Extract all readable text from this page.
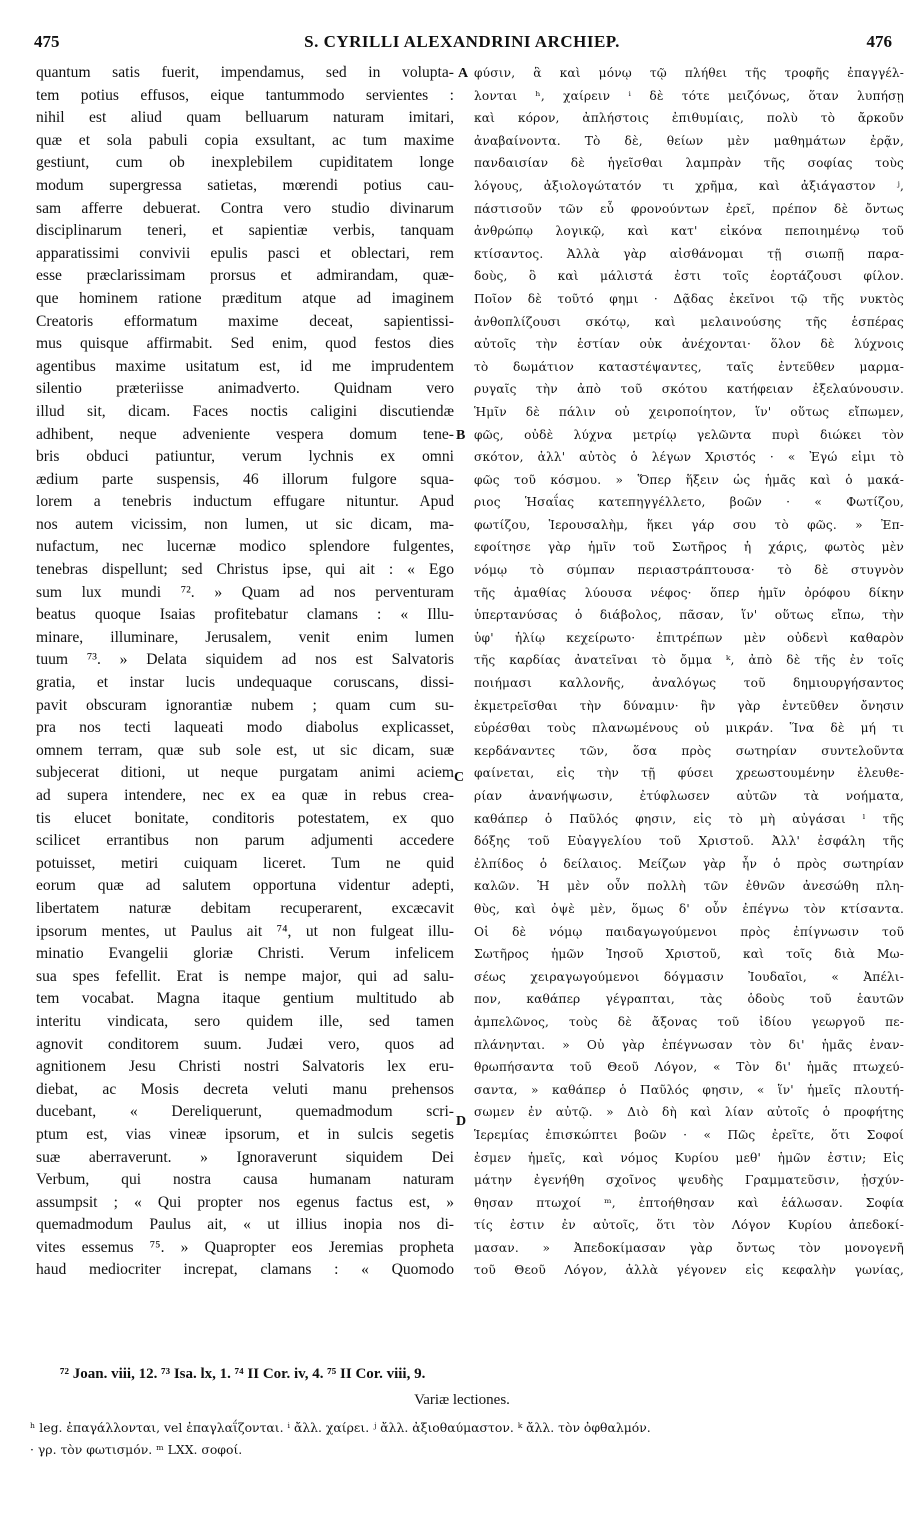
475	S. CYRILLI ALEXANDRINI ARCHIEP.	476
quantum satis fuerit, impendamus, sed in volupta-
tem potius effusos, eique tantummodo servientes :
nihil est aliud quam belluarum naturam imitari,
quæ et sola pabuli copia exsultant, ac tum maxime
gestiunt, cum ob inexplebilem cupiditatem longe
modum supergressa satietas, mœrendi potius cau-
sam afferre debuerat. Contra vero studio divinarum
disciplinarum teneri, et sapientiæ verbis, tanquam
apparatissimi convivii epulis pasci et oblectari, rem
esse præclarissimam prorsus et admirandam, quæ-
que hominem ratione præditum atque ad imaginem
Creatoris efformatum maxime deceat, sapientissi-
mus quisque affirmabit. Sed enim, quod festos dies
agentibus maxime usitatum est, id me imprudentem
silentio præteriisse animadverto. Quidnam vero
illud sit, dicam. Faces noctis caligini discutiendæ
adhibent, neque adveniente vespera domum tene-
bris obduci patiuntur, verum lychnis ex omni
ædium parte suspensis, 46 illorum fulgore squa-
lorem a tenebris inductum effugare nituntur. Apud
nos autem vicissim, non lumen, ut sic dicam, ma-
nufactum, nec lucernæ modico splendore fulgentes,
tenebras dispellunt; sed Christus ipse, qui ait : « Ego
sum lux mundi ⁷². » Quam ad nos perventuram
beatus quoque Isaias profitebatur clamans : « Illu-
minare, illuminare, Jerusalem, venit enim lumen
tuum ⁷³. » Delata siquidem ad nos est Salvatoris
gratia, et instar lucis undequaque coruscans, dissi-
pavit obscuram ignorantiæ nubem ; quam cum su-
pra nos tecti laqueati modo diabolus explicasset,
omnem terram, quæ sub sole est, ut sic dicam, suæ
subjecerat ditioni, ut neque purgatam animi aciem
ad supera intendere, nec ex ea quæ in rebus crea-
tis elucet bonitate, conditoris potestatem, ex quo
scilicet errantibus non parum adjumenti accedere
potuisset, metiri cuiquam liceret. Tum ne quid
eorum quæ ad salutem opportuna videntur adepti,
libertatem naturæ debitam recuperarent, excæcavit
ipsorum mentes, ut Paulus ait ⁷⁴, ut non fulgeat illu-
minatio Evangelii gloriæ Christi. Verum infelicem
sua spes fefellit. Erat is nempe major, qui ad salu-
tem vocabat. Magna itaque gentium multitudo ab
interitu vindicata, sero quidem ille, sed tamen
agnovit conditorem suum. Judæi vero, quos ad
agnitionem Jesu Christi nostri Salvatoris lex eru-
diebat, ac Mosis decreta veluti manu prehensos
ducebant, « Dereliquerunt, quemadmodum scri-
ptum est, vias vineæ ipsorum, et in sulcis segetis
suæ aberraverunt. » Ignoraverunt siquidem Dei
Verbum, qui nostra causa humanam naturam
assumpsit ; « Qui propter nos egenus factus est, »
quemadmodum Paulus ait, « ut illius inopia nos di-
vites essemus ⁷⁵. » Quapropter eos Jeremias propheta
haud mediocriter increpat, clamans : « Quomodo
φύσιν, ἃ καὶ μόνῳ τῷ πλήθει τῆς τροφῆς ἐπαγγέλ-
λονται ʰ, χαίρειν ⁱ δὲ τότε μειζόνως, ὅταν λυπήσῃ
καὶ κόρον, ἀπλήστοις ἐπιθυμίαις, πολὺ τὸ ἄρκοῦν
ἀναβαίνοντα. Τὸ δὲ, θείων μὲν μαθημάτων ἐρᾷν,
πανδαισίαν δὲ ἡγεῖσθαι λαμπρὰν τῆς σοφίας τοὺς
λόγους, ἀξιολογώτατόν τι χρῆμα, καὶ ἀξιάγαστον ʲ,
πάστισοῦν τῶν εὖ φρονούντων ἐρεῖ, πρέπον δὲ ὄντως
ἀνθρώπῳ λογικῷ, καὶ κατ' εἰκόνα πεποιημένῳ τοῦ
κτίσαντος. Ἀλλὰ γὰρ αἰσθάνομαι τῇ σιωπῇ παρα-
δοὺς, ὃ καὶ μάλιστά ἐστι τοῖς ἑορτάζουσι φίλον.
Ποῖον δὲ τοῦτό φημι · Δᾷδας ἐκεῖνοι τῷ τῆς νυκτὸς
ἀνθοπλίζουσι σκότῳ, καὶ μελαινούσης τῆς ἑσπέρας
αὐτοῖς τὴν ἑστίαν οὐκ ἀνέχονται· ὅλον δὲ λύχνοις
τὸ δωμάτιον καταστέψαντες, ταῖς ἐντεῦθεν μαρμα-
ρυγαῖς τὴν ἀπὸ τοῦ σκότου κατήφειαν ἐξελαύνουσιν.
Ἡμῖν δὲ πάλιν οὐ χειροποίητον, ἵν' οὕτως εἴπωμεν,
φῶς, οὐδὲ λύχνα μετρίῳ γελῶντα πυρὶ διώκει τὸν
σκότον, ἀλλ' αὐτὸς ὁ λέγων Χριστός · « Ἐγώ εἰμι τὸ
φῶς τοῦ κόσμου. » Ὅπερ ἥξειν ὡς ἡμᾶς καὶ ὁ μακά-
ριος Ἡσαΐας κατεπηγγέλλετο, βοῶν · « Φωτίζου,
φωτίζου, Ἱερουσαλὴμ, ἥκει γάρ σου τὸ φῶς. » Ἐπ-
εφοίτησε γὰρ ἡμῖν τοῦ Σωτῆρος ἡ χάρις, φωτὸς μὲν
νόμῳ τὸ σύμπαν περιαστράπτουσα· τὸ δὲ στυγνὸν
τῆς ἀμαθίας λύουσα νέφος· ὅπερ ἡμῖν ὀρόφου δίκην
ὑπερτανύσας ὁ διάβολος, πᾶσαν, ἵν' οὕτως εἴπω, τὴν
ὑφ' ἡλίῳ κεχείρωτο· ἐπιτρέπων μὲν οὐδενὶ καθαρὸν
τῆς καρδίας ἀνατεῖναι τὸ ὄμμα ᵏ, ἀπὸ δὲ τῆς ἐν τοῖς
ποιήμασι καλλονῆς, ἀναλόγως τοῦ δημιουργήσαντος
ἐκμετρεῖσθαι τὴν δύναμιν· ἣν γὰρ ἐντεῦθεν ὄνησιν
εὑρέσθαι τοὺς πλανωμένους οὐ μικράν. Ἵνα δὲ μή τι
κερδάναντες τῶν, ὅσα πρὸς σωτηρίαν συντελοῦντα
φαίνεται, εἰς τὴν τῇ φύσει χρεωστουμένην ἐλευθε-
ρίαν ἀνανήψωσιν, ἐτύφλωσεν αὐτῶν τὰ νοήματα,
καθάπερ ὁ Παῦλός φησιν, εἰς τὸ μὴ αὐγάσαι ˡ τῆς
δόξης τοῦ Εὐαγγελίου τοῦ Χριστοῦ. Ἀλλ' ἐσφάλη τῆς
ἐλπίδος ὁ δείλαιος. Μείζων γὰρ ἦν ὁ πρὸς σωτηρίαν
καλῶν. Ἡ μὲν οὖν πολλὴ τῶν ἐθνῶν ἀνεσώθη πλη-
θὺς, καὶ ὀψὲ μὲν, ὅμως δ' οὖν ἐπέγνω τὸν κτίσαντα.
Οἱ δὲ νόμῳ παιδαγωγούμενοι πρὸς ἐπίγνωσιν τοῦ
Σωτῆρος ἡμῶν Ἰησοῦ Χριστοῦ, καὶ τοῖς διὰ Μω-
σέως χειραγωγούμενοι δόγμασιν Ἰουδαῖοι, « Ἀπέλι-
πον, καθάπερ γέγραπται, τὰς ὁδοὺς τοῦ ἑαυτῶν
ἀμπελῶνος, τοὺς δὲ ἄξονας τοῦ ἰδίου γεωργοῦ πε-
πλάνηνται. » Οὐ γὰρ ἐπέγνωσαν τὸν δι' ἡμᾶς ἐναν-
θρωπήσαντα τοῦ Θεοῦ Λόγον, « Τὸν δι' ἡμᾶς πτωχεύ-
σαντα, » καθάπερ ὁ Παῦλός φησιν, « ἵν' ἡμεῖς πλουτή-
σωμεν ἐν αὐτῷ. » Διὸ δὴ καὶ λίαν αὐτοῖς ὁ προφήτης
Ἱερεμίας ἐπισκώπτει βοῶν · « Πῶς ἐρεῖτε, ὅτι Σοφοί
ἐσμεν ἡμεῖς, καὶ νόμος Κυρίου μεθ' ἡμῶν ἐστιν; Εἰς
μάτην ἐγενήθη σχοῖνος ψευδὴς Γραμματεῦσιν, ᾐσχύν-
θησαν πτωχοί ᵐ, ἐπτοήθησαν καὶ ἑάλωσαν. Σοφία
τίς ἐστιν ἐν αὐτοῖς, ὅτι τὸν Λόγον Κυρίου ἀπεδοκί-
μασαν. » Ἀπεδοκίμασαν γὰρ ὄντως τὸν μονογενῆ
τοῦ Θεοῦ Λόγον, ἀλλὰ γέγονεν εἰς κεφαλὴν γωνίας,
A
B
C
D
⁷² Joan. viii, 12. ⁷³ Isa. lx, 1. ⁷⁴ II Cor. iv, 4. ⁷⁵ II Cor. viii, 9.
Variæ lectiones.
ʰ leg. ἐπαγάλλονται, vel ἐπαγλαΐζονται. ⁱ ἄλλ. χαίρει. ʲ ἄλλ. ἀξιοθαύμαστον. ᵏ ἄλλ. τὸν ὀφθαλμόν.
· γρ. τὸν φωτισμόν. ᵐ LXX. σοφοί.
